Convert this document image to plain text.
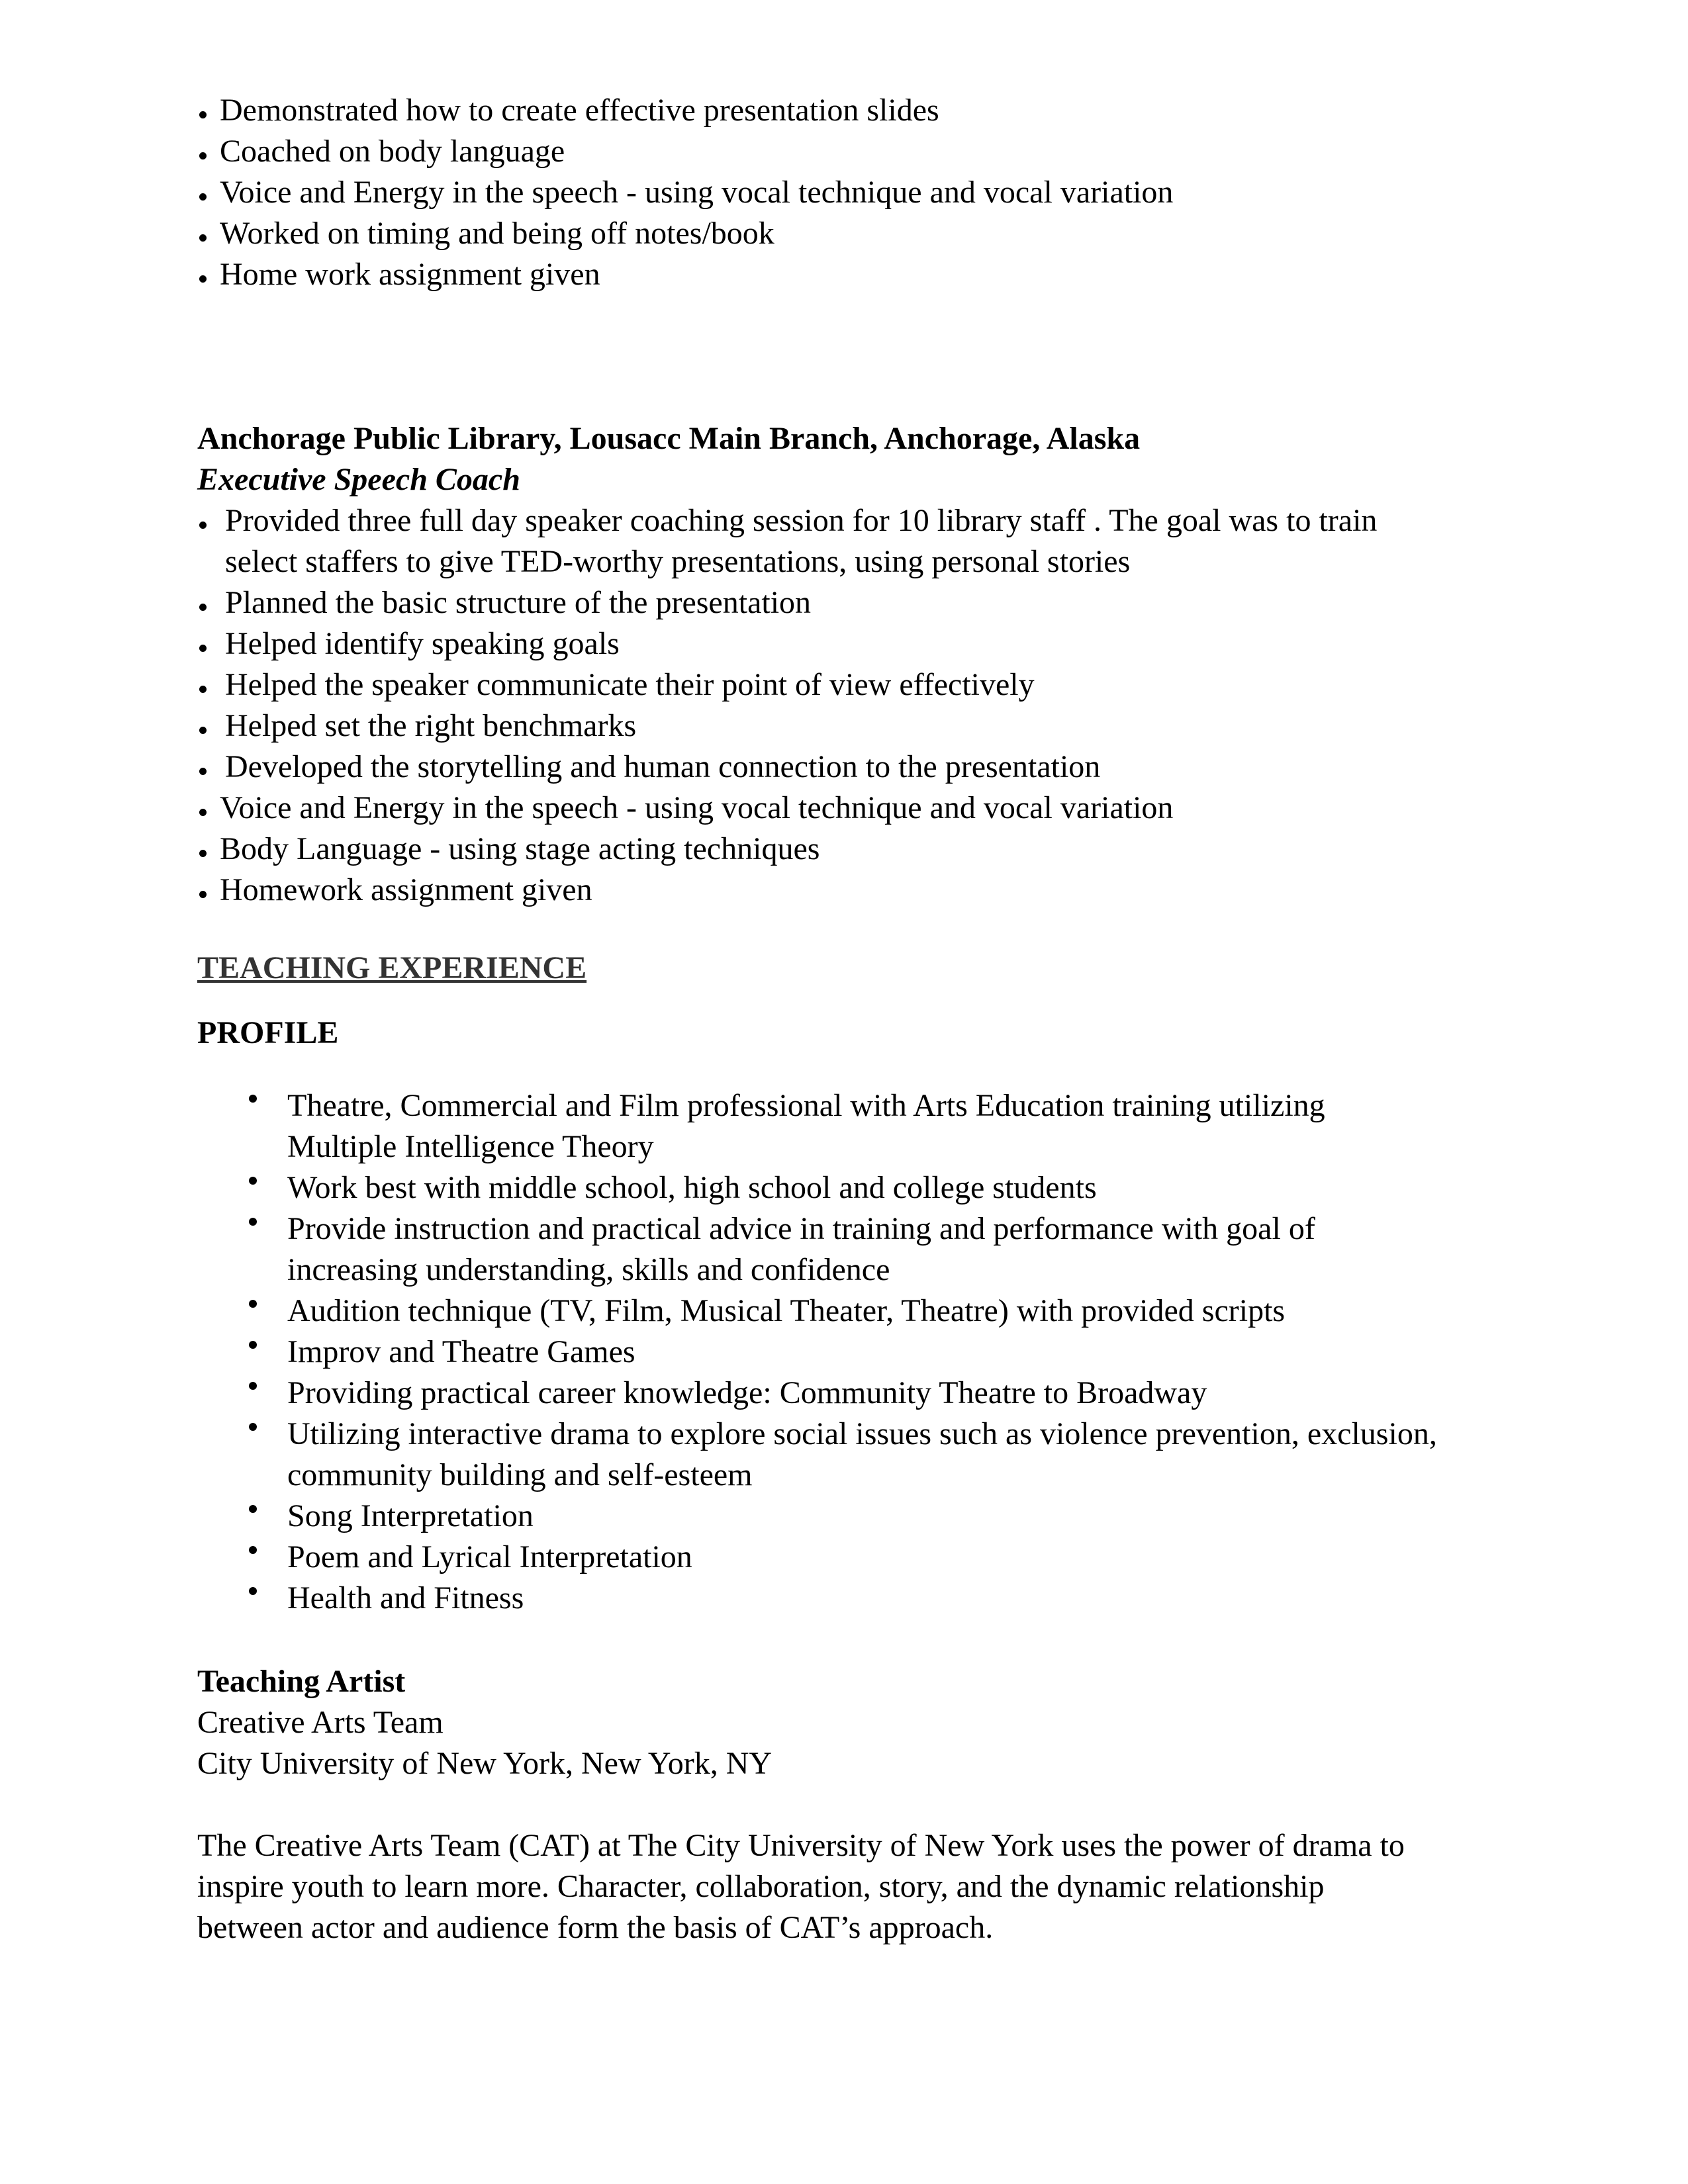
Demonstrated how to create effective presentation slides
Coached on body language
Voice and Energy in the speech - using vocal technique and vocal variation
Worked on timing and being off notes/book
Home work assignment given
Anchorage Public Library, Lousacc Main Branch, Anchorage, Alaska
Executive Speech Coach
Provided three full day speaker coaching session for 10 library staff . The goal was to train
select staffers to give TED-worthy presentations, using personal stories
Planned the basic structure of the presentation
Helped identify speaking goals
Helped the speaker communicate their point of view effectively
Helped set the right benchmarks
Developed the storytelling and human connection to the presentation
Voice and Energy in the speech - using vocal technique and vocal variation
Body Language - using stage acting techniques
Homework assignment given
TEACHING EXPERIENCE
PROFILE
Theatre, Commercial and Film professional with Arts Education training utilizing
Multiple Intelligence Theory
Work best with middle school, high school and college students
Provide instruction and practical advice in training and performance with goal of
increasing understanding, skills and confidence
Audition technique (TV, Film, Musical Theater, Theatre) with provided scripts
Improv and Theatre Games
Providing practical career knowledge: Community Theatre to Broadway
Utilizing interactive drama to explore social issues such as violence prevention, exclusion,
community building and self-esteem
Song Interpretation
Poem and Lyrical Interpretation
Health and Fitness
Teaching Artist
Creative Arts Team
City University of New York, New York, NY
The Creative Arts Team (CAT) at The City University of New York uses the power of drama to
inspire youth to learn more. Character, collaboration, story, and the dynamic relationship
between actor and audience form the basis of CAT’s approach.
